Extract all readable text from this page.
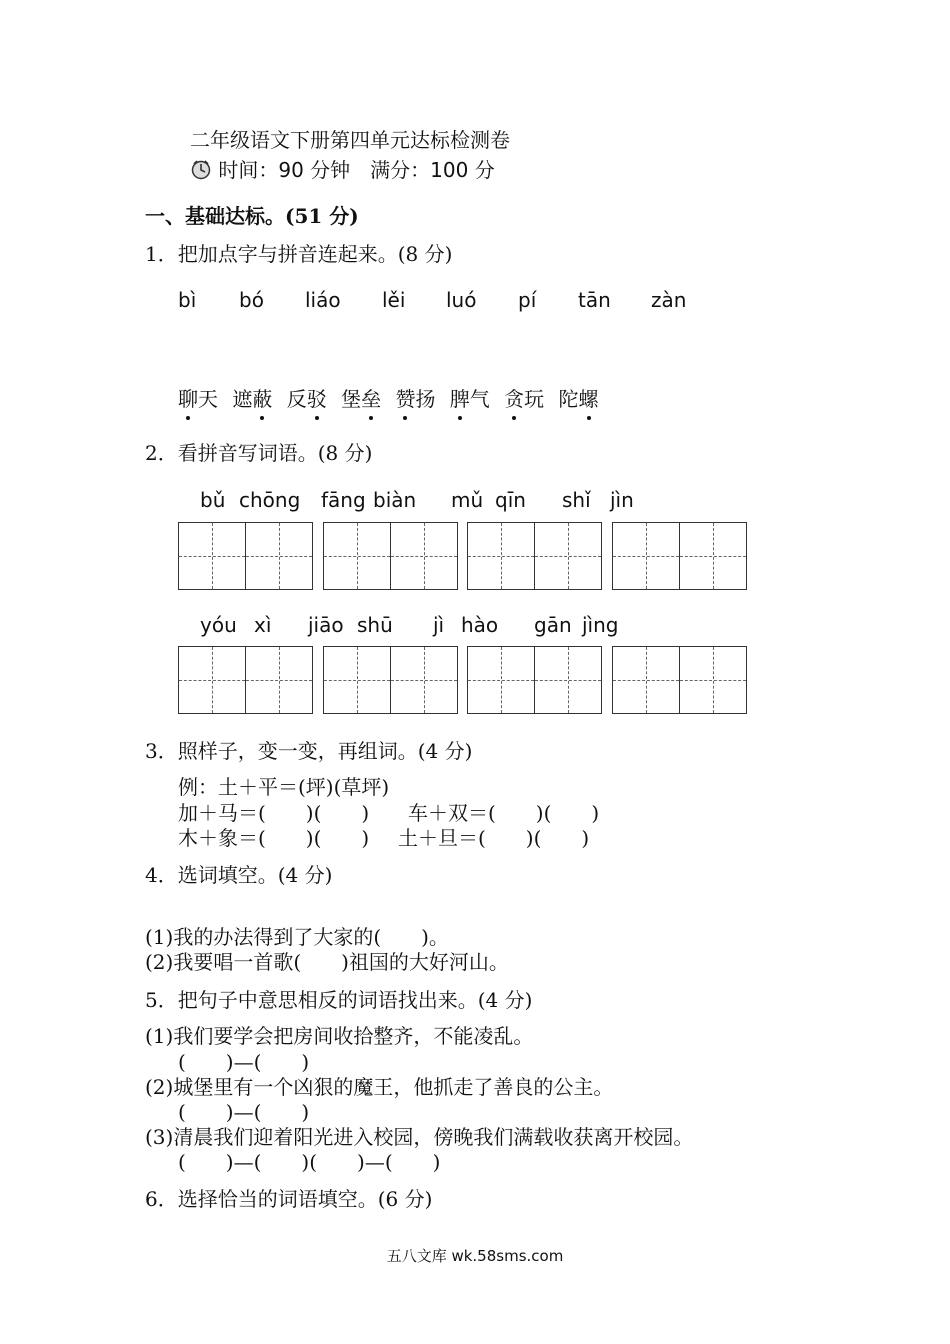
二年级语文下册第四单元达标检测卷
时间：90 分钟　满分：100 分
一、基础达标。(51 分)
1．把加点字与拼音连起来。(8 分)
bì bó liáo lěi luó pí tān zàn
聊天 遮蔽 反驳 堡垒 赞扬 脾气 贪玩 陀螺
2．看拼音写词语。(8 分)
bǔ chōng fāng biàn mǔ qīn shǐ jìn
yóu xì jiāo shū jì hào gān jìng
3．照样子，变一变，再组词。(4 分)
例：土＋平＝(坪)(草坪)
加＋马＝(　　)(　　) 车＋双＝(　　)(　　)
木＋象＝(　　)(　　) 土＋旦＝(　　)(　　)
4．选词填空。(4 分)
(1)我的办法得到了大家的(　　)。
(2)我要唱一首歌(　　)祖国的大好河山。
5．把句子中意思相反的词语找出来。(4 分)
(1)我们要学会把房间收拾整齐，不能凌乱。
(　　)—(　　)
(2)城堡里有一个凶狠的魔王，他抓走了善良的公主。
(　　)—(　　)
(3)清晨我们迎着阳光进入校园，傍晚我们满载收获离开校园。
(　　)—(　　)(　　)—(　　)
6．选择恰当的词语填空。(6 分)
五八文库 wk.58sms.com
